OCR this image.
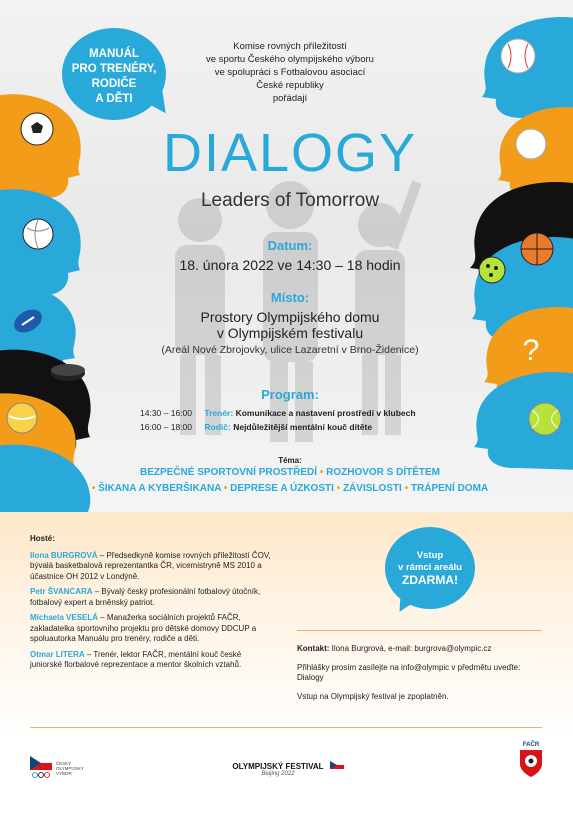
?
MANUÁL
PRO TRENÉRY,
RODIČE
A DĚTI
Komise rovných příležitostí
ve sportu Českého olympijského výboru
ve spolupráci s Fotbalovou asociací
České republiky
pořádají
DIALOGY
Leaders of Tomorrow
Datum:
18. února 2022 ve 14:30 – 18 hodin
Místo:
Prostory Olympijského domu
v Olympijském festivalu
(Areál Nové Zbrojovky, ulice Lazaretní v Brno-Židenice)
Program:
14:30 – 16:00 Trenér: Komunikace a nastavení prostředí v klubech
16:00 – 18:00 Rodič: Nejdůležitější mentální kouč dítěte
Téma:
BEZPEČNÉ SPORTOVNÍ PROSTŘEDÍ • ROZHOVOR S DÍTĚTEM
• ŠIKANA A KYBERŠIKANA • DEPRESE A ÚZKOSTI • ZÁVISLOSTI • TRÁPENÍ DOMA
Hosté:

Ilona BURGROVÁ – Předsedkyně komise rovných příležitostí ČOV, bývalá basketbalová reprezentantka ČR, vicemistryně MS 2010 a účastnice OH 2012 v Londýně.

Petr ŠVANCARA – Bývalý český profesionální fotbalový útočník, fotbalový expert a brněnský patriot.

Michaela VESELÁ – Manažerka sociálních projektů FAČR, zakladatelka sportovního projektu pro dětské domovy DDCUP a spoluautorka Manuálu pro trenéry, rodiče a děti.

Otmar LITERA – Trenér, lektor FAČR, mentální kouč české juniorské florbalové reprezentace a mentor školních vztahů.

Vstup
v rámci areálu
ZDARMA!

Kontakt: Ilona Burgrová, e-mail: burgrova@olympic.cz

Přihlášky prosím zasílejte na info@olympic v předmětu uveďte: Dialogy

Vstup na Olympijský festival je zpoplatněn.

ČESKÝ OLYMPIJSKÝ VÝBOR
OLYMPIJSKÝ FESTIVAL
Beijing 2022
FAČR
